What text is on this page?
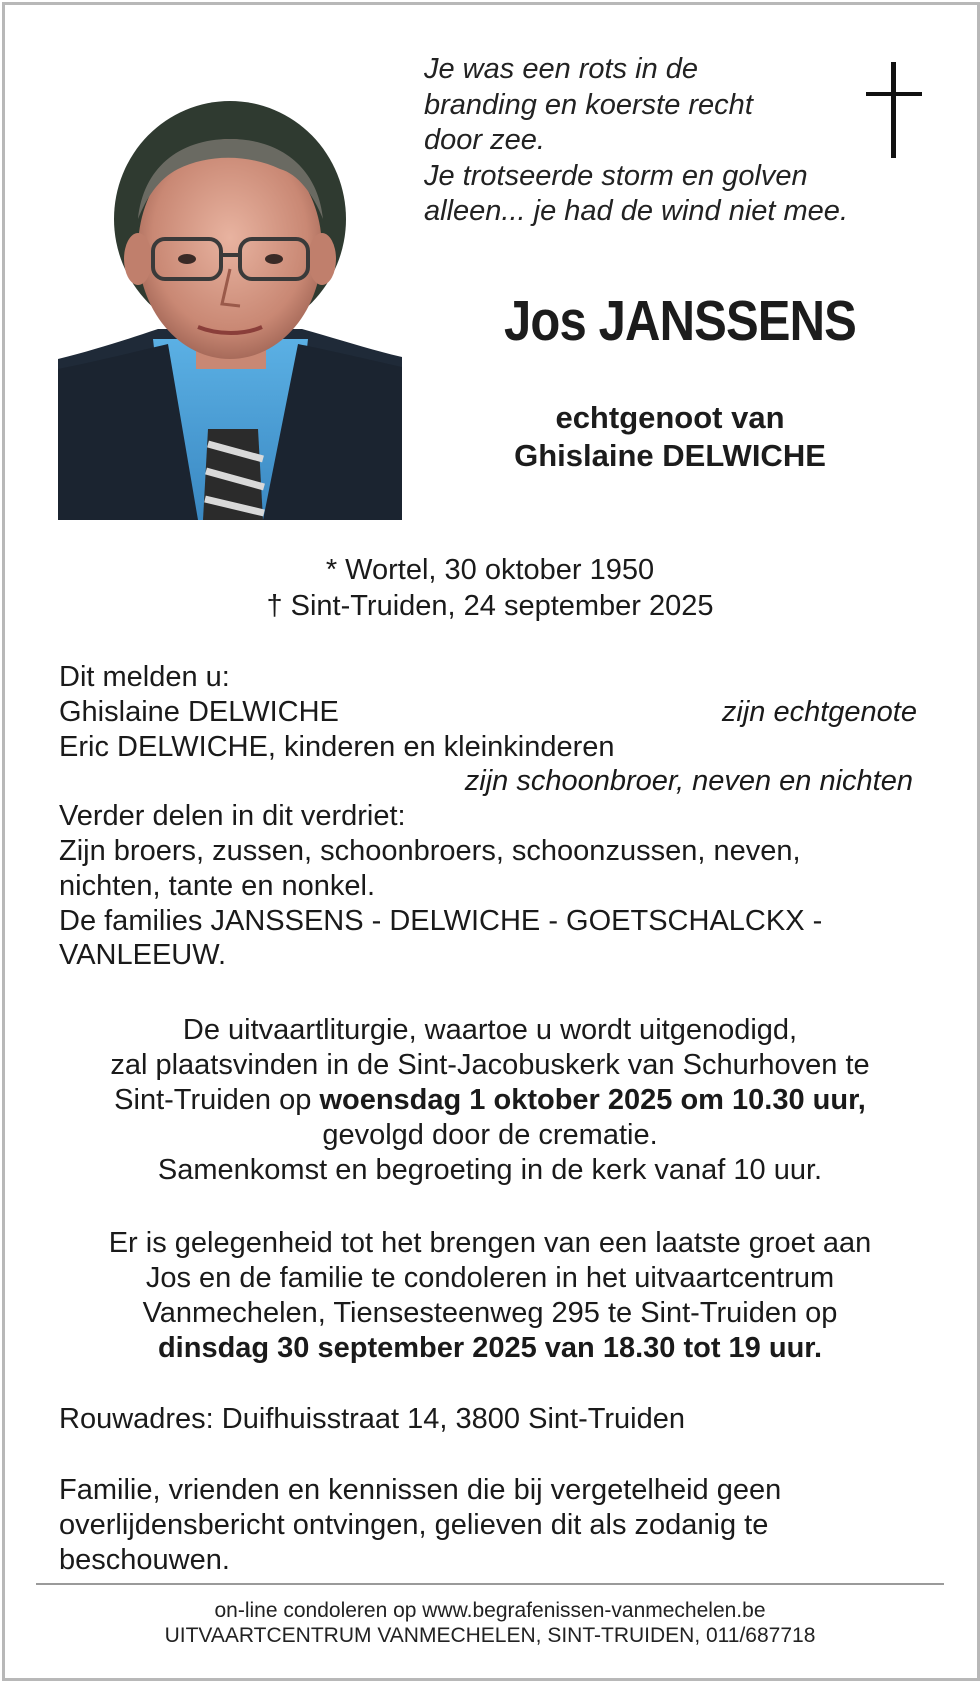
Je was een rots in de
branding en koerste recht
door zee.
Je trotseerde storm en golven
alleen... je had de wind niet mee.
Jos JANSSENS
echtgenoot van
Ghislaine DELWICHE
* Wortel, 30 oktober 1950
† Sint-Truiden, 24 september 2025
Dit melden u:
Ghislaine DELWICHE	zijn echtgenote
Eric DELWICHE, kinderen en kleinkinderen
zijn schoonbroer, neven en nichten
Verder delen in dit verdriet:
Zijn broers, zussen, schoonbroers, schoonzussen, neven,
nichten, tante en nonkel.
De families JANSSENS - DELWICHE - GOETSCHALCKX -
VANLEEUW.
De uitvaartliturgie, waartoe u wordt uitgenodigd,
zal plaatsvinden in de Sint-Jacobuskerk van Schurhoven te
Sint-Truiden op woensdag 1 oktober 2025 om 10.30 uur,
gevolgd door de crematie.
Samenkomst en begroeting in de kerk vanaf 10 uur.
Er is gelegenheid tot het brengen van een laatste groet aan
Jos en de familie te condoleren in het uitvaartcentrum
Vanmechelen, Tiensesteenweg 295 te Sint-Truiden op
dinsdag 30 september 2025 van 18.30 tot 19 uur.
Rouwadres: Duifhuisstraat 14, 3800 Sint-Truiden
Familie, vrienden en kennissen die bij vergetelheid geen
overlijdensbericht ontvingen, gelieven dit als zodanig te
beschouwen.
on-line condoleren op www.begrafenissen-vanmechelen.be
UITVAARTCENTRUM VANMECHELEN, SINT-TRUIDEN, 011/687718
